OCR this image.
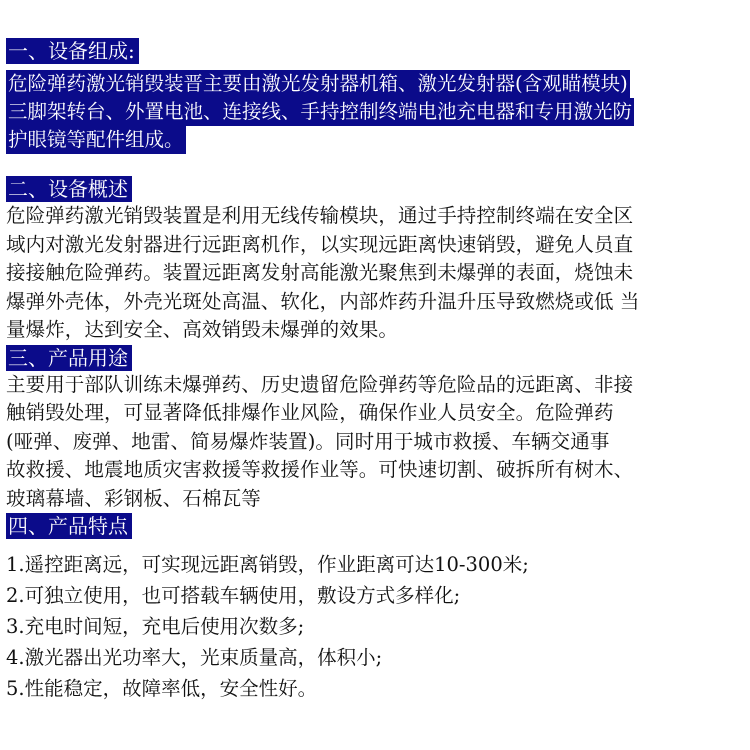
一、设备组成:
危险弹药激光销毁装晋主要由激光发射器机箱、激光发射器(含观瞄模块)
三脚架转台、外置电池、连接线、手持控制终端电池充电器和专用激光防
护眼镜等配件组成。
二、设备概述
危险弹药激光销毁装置是利用无线传输模块，通过手持控制终端在安全区
域内对激光发射器进行远距离机作，以实现远距离快速销毁，避免人员直
接接触危险弹药。装置远距离发射高能激光聚焦到未爆弹的表面，烧蚀未
爆弹外壳体，外壳光斑处高温、软化，内部炸药升温升压导致燃烧或低 当
量爆炸，达到安全、高效销毁未爆弹的效果。
三、产品用途
主要用于部队训练未爆弹药、历史遗留危险弹药等危险品的远距离、非接
触销毁处理，可显著降低排爆作业风险，确保作业人员安全。危险弹药
(哑弹、废弹、地雷、简易爆炸装置)。同时用于城市救援、车辆交通事
故救援、地震地质灾害救援等救援作业等。可快速切割、破拆所有树木、
玻璃幕墙、彩钢板、石棉瓦等
四、产品特点
1.遥控距离远，可实现远距离销毁，作业距离可达10-300米;
2.可独立使用，也可搭载车辆使用，敷设方式多样化;
3.充电时间短，充电后使用次数多;
4.激光器出光功率大，光束质量高，体积小;
5.性能稳定，故障率低，安全性好。
